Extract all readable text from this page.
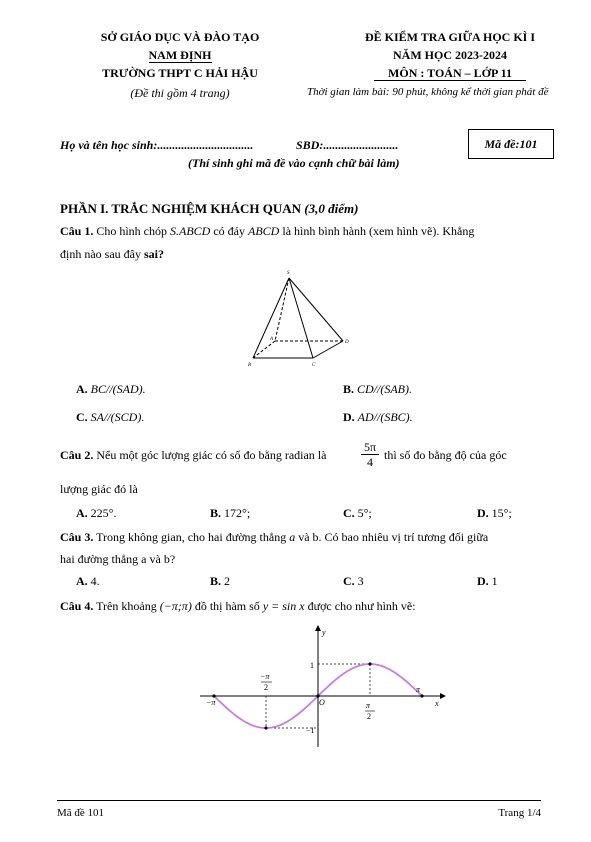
SỞ GIÁO DỤC VÀ ĐÀO TẠO
NAM ĐỊNH
TRƯỜNG THPT C HẢI HẬU
(Đề thi gồm 4 trang)
ĐỀ KIỂM TRA GIỮA HỌC KÌ I
NĂM HỌC 2023-2024
MÔN : TOÁN – LỚP 11
Thời gian làm bài: 90 phút, không kể thời gian phát đề
Họ và tên học sinh:................................	SBD:.........................	Mã đề:101
(Thí sinh ghi mã đề vào cạnh chữ bài làm)
PHẦN I. TRẮC NGHIỆM KHÁCH QUAN (3,0 điểm)
Câu 1. Cho hình chóp S.ABCD có đáy ABCD là hình bình hành (xem hình vẽ). Khẳng
định nào sau đây sai?
S
A
B	C
D
A. BC//(SAD).	B. CD//(SAB).
C. SA//(SCD).	D. AD//(SBC).
Câu 2. Nếu một góc lượng giác có số đo bằng radian là
5π
4 thì số đo bằng độ của góc
lượng giác đó là
A. 225°.	B. 172°;	C. 5°;	D. 15°;
Câu 3. Trong không gian, cho hai đường thẳng a và b. Có bao nhiêu vị trí tương đối giữa
hai đường thẳng a và b?
A. 4.	B. 2	C. 3	D. 1
Câu 4. Trên khoảng (−π;π) đồ thị hàm số y = sin x được cho như hình vẽ:
y
x
O
1
−1
−π
π
−π
2
π
2
Mã đề 101	Trang 1/4
